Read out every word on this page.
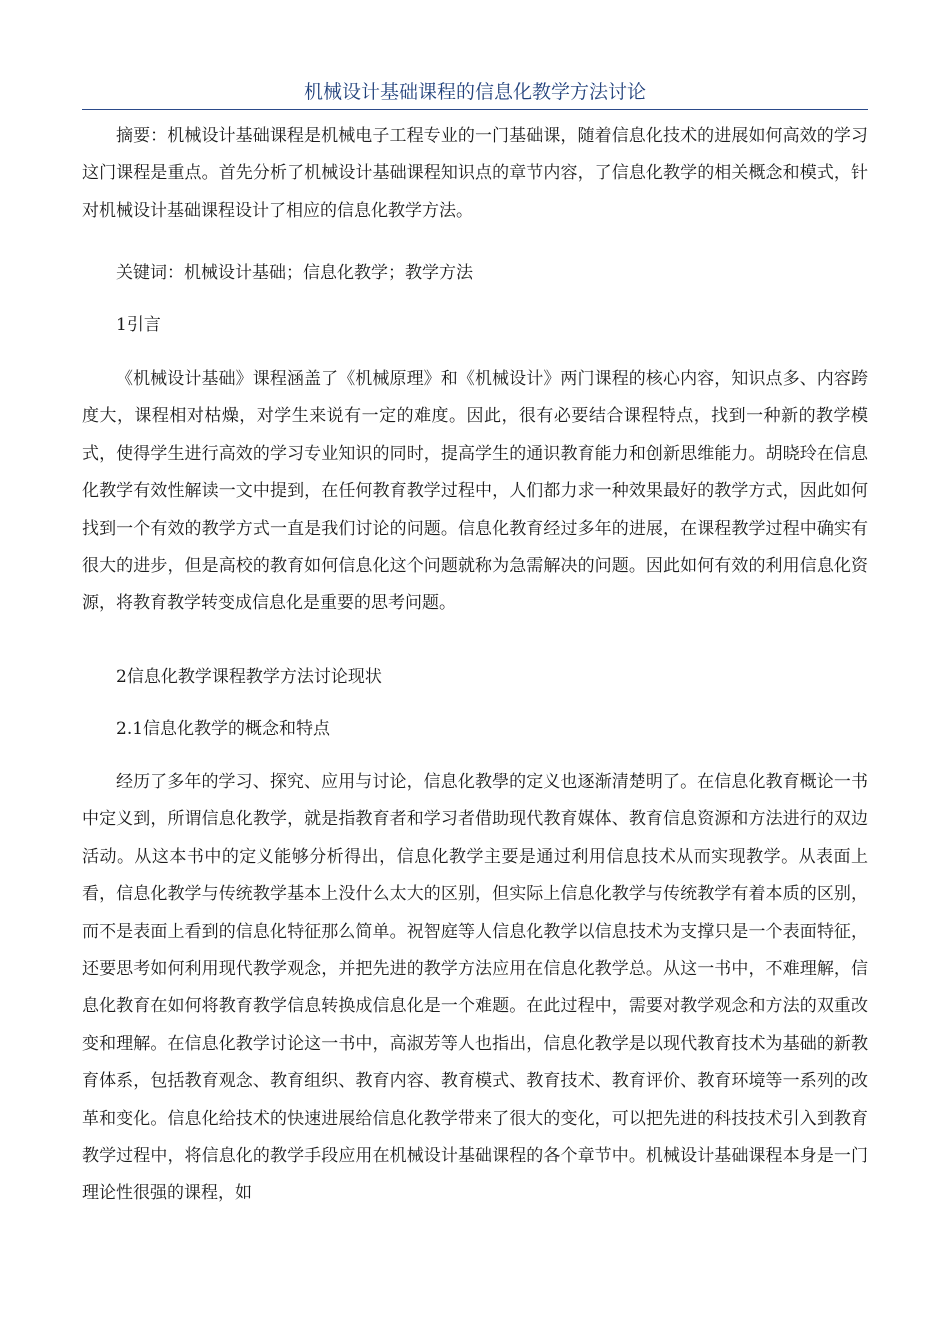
机械设计基础课程的信息化教学方法讨论

摘要：机械设计基础课程是机械电子工程专业的一门基础课，随着信息化技术的进展如何高效的学习这门课程是重点。首先分析了机械设计基础课程知识点的章节内容，了信息化教学的相关概念和模式，针对机械设计基础课程设计了相应的信息化教学方法。

关键词：机械设计基础；信息化教学；教学方法
1引言

《机械设计基础》课程涵盖了《机械原理》和《机械设计》两门课程的核心内容，知识点多、内容跨度大，课程相对枯燥，对学生来说有一定的难度。因此，很有必要结合课程特点，找到一种新的教学模式，使得学生进行高效的学习专业知识的同时，提高学生的通识教育能力和创新思维能力。胡晓玲在信息化教学有效性解读一文中提到，在任何教育教学过程中，人们都力求一种效果最好的教学方式，因此如何找到一个有效的教学方式一直是我们讨论的问题。信息化教育经过多年的进展，在课程教学过程中确实有很大的进步，但是高校的教育如何信息化这个问题就称为急需解决的问题。因此如何有效的利用信息化资源，将教育教学转变成信息化是重要的思考问题。

2信息化教学课程教学方法讨论现状
2.1信息化教学的概念和特点

经历了多年的学习、探究、应用与讨论，信息化教學的定义也逐渐清楚明了。在信息化教育概论一书中定义到，所谓信息化教学，就是指教育者和学习者借助现代教育媒体、教育信息资源和方法进行的双边活动。从这本书中的定义能够分析得出，信息化教学主要是通过利用信息技术从而实现教学。从表面上看，信息化教学与传统教学基本上没什么太大的区别，但实际上信息化教学与传统教学有着本质的区别，而不是表面上看到的信息化特征那么简单。祝智庭等人信息化教学以信息技术为支撑只是一个表面特征，还要思考如何利用现代教学观念，并把先进的教学方法应用在信息化教学总。从这一书中，不难理解，信息化教育在如何将教育教学信息转换成信息化是一个难题。在此过程中，需要对教学观念和方法的双重改变和理解。在信息化教学讨论这一书中，高淑芳等人也指出，信息化教学是以现代教育技术为基础的新教育体系，包括教育观念、教育组织、教育内容、教育模式、教育技术、教育评价、教育环境等一系列的改革和变化。信息化给技术的快速进展给信息化教学带来了很大的变化，可以把先进的科技技术引入到教育教学过程中，将信息化的教学手段应用在机械设计基础课程的各个章节中。机械设计基础课程本身是一门理论性很强的课程，如
